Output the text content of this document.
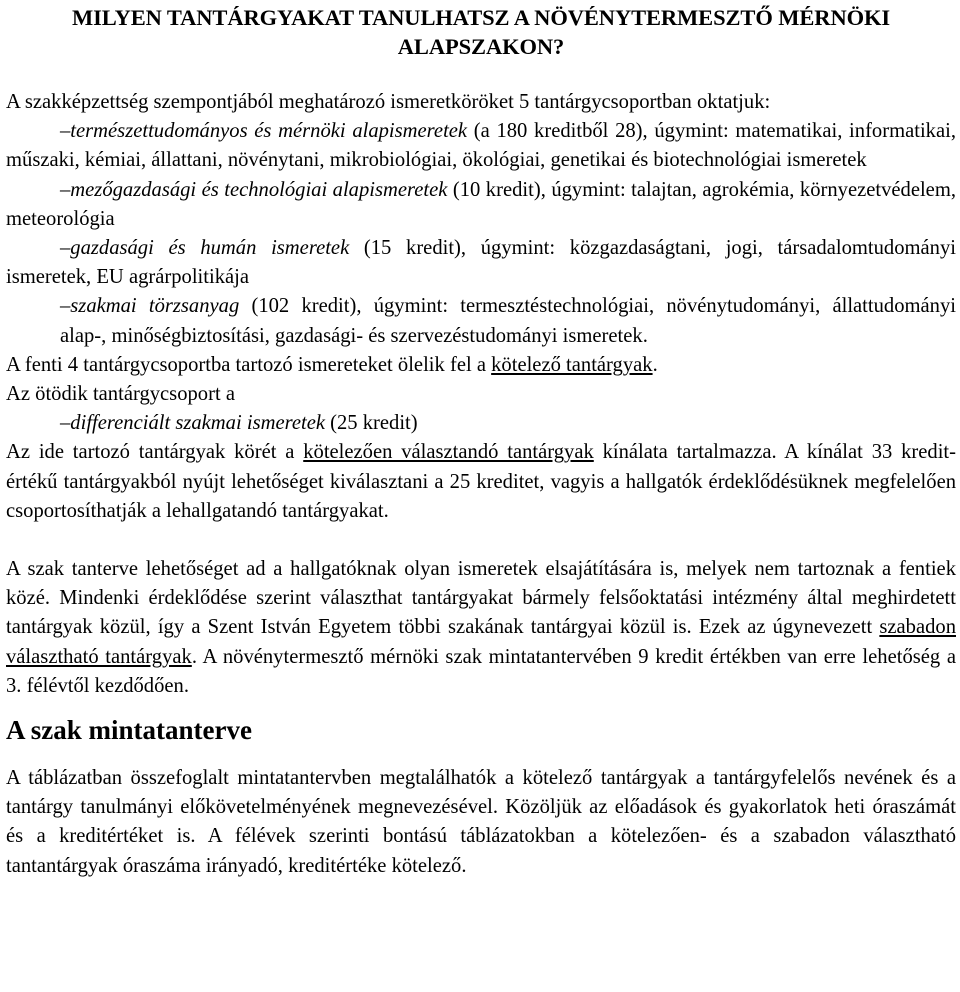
MILYEN TANTÁRGYAKAT TANULHATSZ A NÖVÉNYTERMESZTŐ MÉRNÖKI ALAPSZAKON?

A szakképzettség szempontjából meghatározó ismeretköröket 5 tantárgycsoportban oktatjuk:

–természettudományos és mérnöki alapismeretek (a 180 kreditből 28), úgymint: matematikai, informatikai, műszaki, kémiai, állattani, növénytani, mikrobiológiai, ökológiai, genetikai és biotechnológiai ismeretek

–mezőgazdasági és technológiai alapismeretek (10 kredit), úgymint: talajtan, agrokémia, környezetvédelem, meteorológia

–gazdasági és humán ismeretek (15 kredit), úgymint: közgazdaságtani, jogi, társadalomtudományi ismeretek, EU agrárpolitikája

–szakmai törzsanyag (102 kredit), úgymint: termesztéstechnológiai, növénytudományi, állattudományi alap-, minőségbiztosítási, gazdasági- és szervezéstudományi ismeretek.

A fenti 4 tantárgycsoportba tartozó ismereteket ölelik fel a kötelező tantárgyak.

Az ötödik tantárgycsoport a

–differenciált szakmai ismeretek (25 kredit)

Az ide tartozó tantárgyak körét a kötelezően választandó tantárgyak kínálata tartalmazza. A kínálat 33 kredit-értékű tantárgyakból nyújt lehetőséget kiválasztani a 25 kreditet, vagyis a hallgatók érdeklődésüknek megfelelően csoportosíthatják a lehallgatandó tantárgyakat.

A szak tanterve lehetőséget ad a hallgatóknak olyan ismeretek elsajátítására is, melyek nem tartoznak a fentiek közé. Mindenki érdeklődése szerint választhat tantárgyakat bármely felsőoktatási intézmény által meghirdetett tantárgyak közül, így a Szent István Egyetem többi szakának tantárgyai közül is. Ezek az úgynevezett szabadon választható tantárgyak. A növénytermesztő mérnöki szak mintatantervében 9 kredit értékben van erre lehetőség a 3. félévtől kezdődően.

A szak mintatanterve

A táblázatban összefoglalt mintatantervben megtalálhatók a kötelező tantárgyak a tantárgyfelelős nevének és a tantárgy tanulmányi előkövetelményének megnevezésével. Közöljük az előadások és gyakorlatok heti óraszámát és a kreditértéket is. A félévek szerinti bontású táblázatokban a kötelezően- és a szabadon választható tantantárgyak óraszáma irányadó, kreditértéke kötelező.
